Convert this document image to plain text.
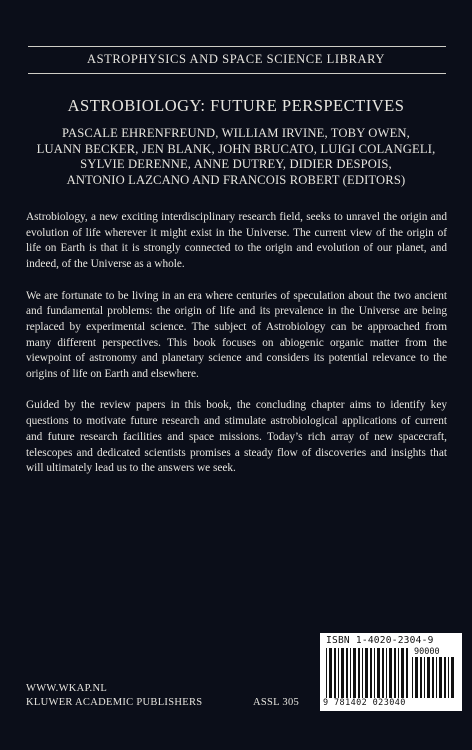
ASTROPHYSICS AND SPACE SCIENCE LIBRARY
ASTROBIOLOGY: FUTURE PERSPECTIVES
PASCALE EHRENFREUND, WILLIAM IRVINE, TOBY OWEN,
LUANN BECKER, JEN BLANK, JOHN BRUCATO, LUIGI COLANGELI,
SYLVIE DERENNE, ANNE DUTREY, DIDIER DESPOIS,
ANTONIO LAZCANO AND FRANCOIS ROBERT (EDITORS)

Astrobiology, a new exciting interdisciplinary research field, seeks to unravel the origin and evolution of life wherever it might exist in the Universe. The current view of the origin of life on Earth is that it is strongly connected to the origin and evolution of our planet, and indeed, of the Universe as a whole.

We are fortunate to be living in an era where centuries of speculation about the two ancient and fundamental problems: the origin of life and its prevalence in the Universe are being replaced by experimental science. The subject of Astrobiology can be approached from many different perspectives. This book focuses on abiogenic organic matter from the viewpoint of astronomy and planetary science and considers its potential relevance to the origins of life on Earth and elsewhere.

Guided by the review papers in this book, the concluding chapter aims to identify key questions to motivate future research and stimulate astrobiological applications of current and future research facilities and space missions. Today’s rich array of new spacecraft, telescopes and dedicated scientists promises a steady flow of discoveries and insights that will ultimately lead us to the answers we seek.

WWW.WKAP.NL
KLUWER ACADEMIC PUBLISHERS	ASSL 305
ISBN 1-4020-2304-9
90000
9 781402 023040
